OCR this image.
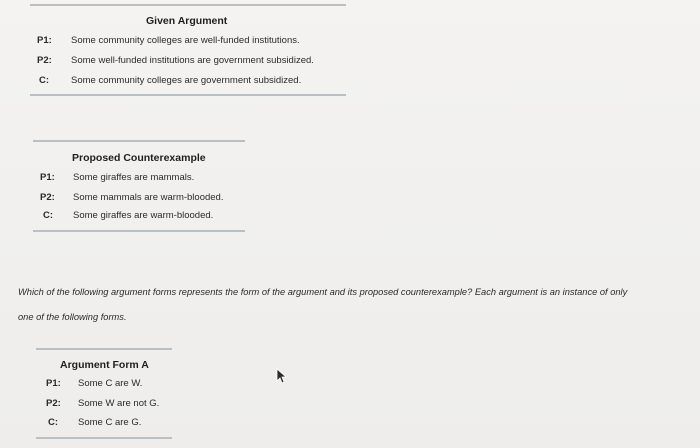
Given Argument
P1: Some community colleges are well-funded institutions.
P2: Some well-funded institutions are government subsidized.
C: Some community colleges are government subsidized.
Proposed Counterexample
P1: Some giraffes are mammals.
P2: Some mammals are warm-blooded.
C: Some giraffes are warm-blooded.
Which of the following argument forms represents the form of the argument and its proposed counterexample? Each argument is an instance of only
one of the following forms.
Argument Form A
P1: Some C are W.
P2: Some W are not G.
C: Some C are G.
